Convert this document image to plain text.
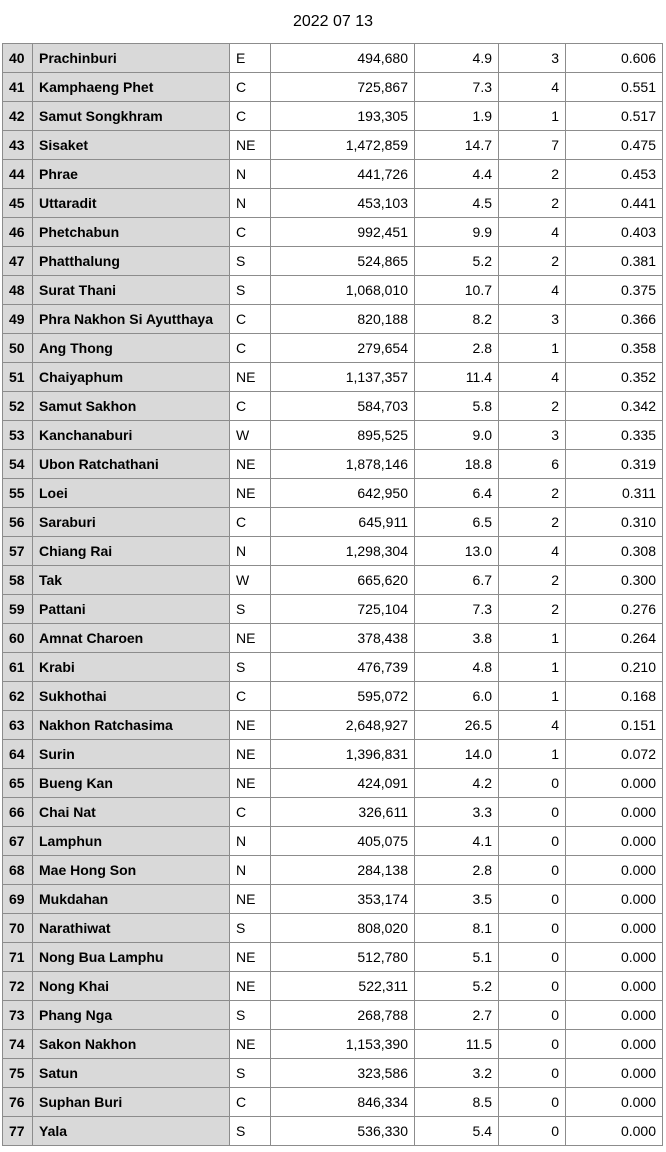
2022 07 13
40	Prachinburi	E	494,680	4.9	3	0.606
41	Kamphaeng Phet	C	725,867	7.3	4	0.551
42	Samut Songkhram	C	193,305	1.9	1	0.517
43	Sisaket	NE	1,472,859	14.7	7	0.475
44	Phrae	N	441,726	4.4	2	0.453
45	Uttaradit	N	453,103	4.5	2	0.441
46	Phetchabun	C	992,451	9.9	4	0.403
47	Phatthalung	S	524,865	5.2	2	0.381
48	Surat Thani	S	1,068,010	10.7	4	0.375
49	Phra Nakhon Si Ayutthaya	C	820,188	8.2	3	0.366
50	Ang Thong	C	279,654	2.8	1	0.358
51	Chaiyaphum	NE	1,137,357	11.4	4	0.352
52	Samut Sakhon	C	584,703	5.8	2	0.342
53	Kanchanaburi	W	895,525	9.0	3	0.335
54	Ubon Ratchathani	NE	1,878,146	18.8	6	0.319
55	Loei	NE	642,950	6.4	2	0.311
56	Saraburi	C	645,911	6.5	2	0.310
57	Chiang Rai	N	1,298,304	13.0	4	0.308
58	Tak	W	665,620	6.7	2	0.300
59	Pattani	S	725,104	7.3	2	0.276
60	Amnat Charoen	NE	378,438	3.8	1	0.264
61	Krabi	S	476,739	4.8	1	0.210
62	Sukhothai	C	595,072	6.0	1	0.168
63	Nakhon Ratchasima	NE	2,648,927	26.5	4	0.151
64	Surin	NE	1,396,831	14.0	1	0.072
65	Bueng Kan	NE	424,091	4.2	0	0.000
66	Chai Nat	C	326,611	3.3	0	0.000
67	Lamphun	N	405,075	4.1	0	0.000
68	Mae Hong Son	N	284,138	2.8	0	0.000
69	Mukdahan	NE	353,174	3.5	0	0.000
70	Narathiwat	S	808,020	8.1	0	0.000
71	Nong Bua Lamphu	NE	512,780	5.1	0	0.000
72	Nong Khai	NE	522,311	5.2	0	0.000
73	Phang Nga	S	268,788	2.7	0	0.000
74	Sakon Nakhon	NE	1,153,390	11.5	0	0.000
75	Satun	S	323,586	3.2	0	0.000
76	Suphan Buri	C	846,334	8.5	0	0.000
77	Yala	S	536,330	5.4	0	0.000
